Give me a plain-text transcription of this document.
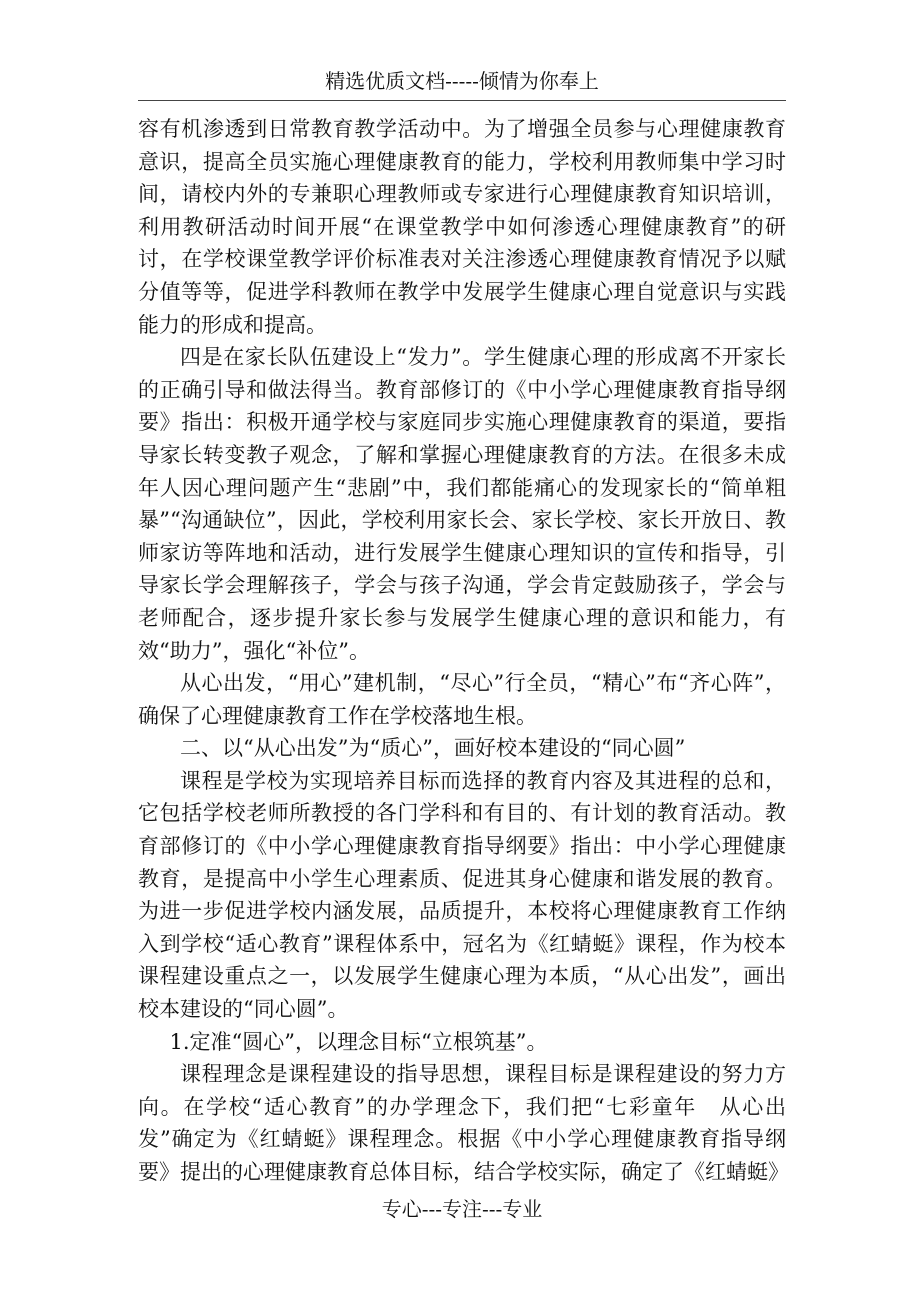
精选优质文档-----倾情为你奉上

容有机渗透到日常教育教学活动中。为了增强全员参与心理健康教育意识，提高全员实施心理健康教育的能力，学校利用教师集中学习时间，请校内外的专兼职心理教师或专家进行心理健康教育知识培训，利用教研活动时间开展“在课堂教学中如何渗透心理健康教育”的研讨，在学校课堂教学评价标准表对关注渗透心理健康教育情况予以赋分值等等，促进学科教师在教学中发展学生健康心理自觉意识与实践能力的形成和提高。

四是在家长队伍建设上“发力”。学生健康心理的形成离不开家长的正确引导和做法得当。教育部修订的《中小学心理健康教育指导纲要》指出：积极开通学校与家庭同步实施心理健康教育的渠道，要指导家长转变教子观念，了解和掌握心理健康教育的方法。在很多未成年人因心理问题产生“悲剧”中，我们都能痛心的发现家长的“简单粗暴”“沟通缺位”，因此，学校利用家长会、家长学校、家长开放日、教师家访等阵地和活动，进行发展学生健康心理知识的宣传和指导，引导家长学会理解孩子，学会与孩子沟通，学会肯定鼓励孩子，学会与老师配合，逐步提升家长参与发展学生健康心理的意识和能力，有效“助力”，强化“补位”。

从心出发，“用心”建机制，“尽心”行全员，“精心”布“齐心阵”，确保了心理健康教育工作在学校落地生根。

二、以“从心出发”为“质心”，画好校本建设的“同心圆”

课程是学校为实现培养目标而选择的教育内容及其进程的总和，它包括学校老师所教授的各门学科和有目的、有计划的教育活动。教育部修订的《中小学心理健康教育指导纲要》指出：中小学心理健康教育，是提高中小学生心理素质、促进其身心健康和谐发展的教育。为进一步促进学校内涵发展，品质提升，本校将心理健康教育工作纳入到学校“适心教育”课程体系中，冠名为《红蜻蜓》课程，作为校本课程建设重点之一，以发展学生健康心理为本质，“从心出发”，画出校本建设的“同心圆”。

1.定准“圆心”，以理念目标“立根筑基”。

课程理念是课程建设的指导思想，课程目标是课程建设的努力方向。在学校“适心教育”的办学理念下，我们把“七彩童年　从心出发”确定为《红蜻蜓》课程理念。根据《中小学心理健康教育指导纲要》提出的心理健康教育总体目标，结合学校实际，确定了《红蜻蜓》

专心---专注---专业
